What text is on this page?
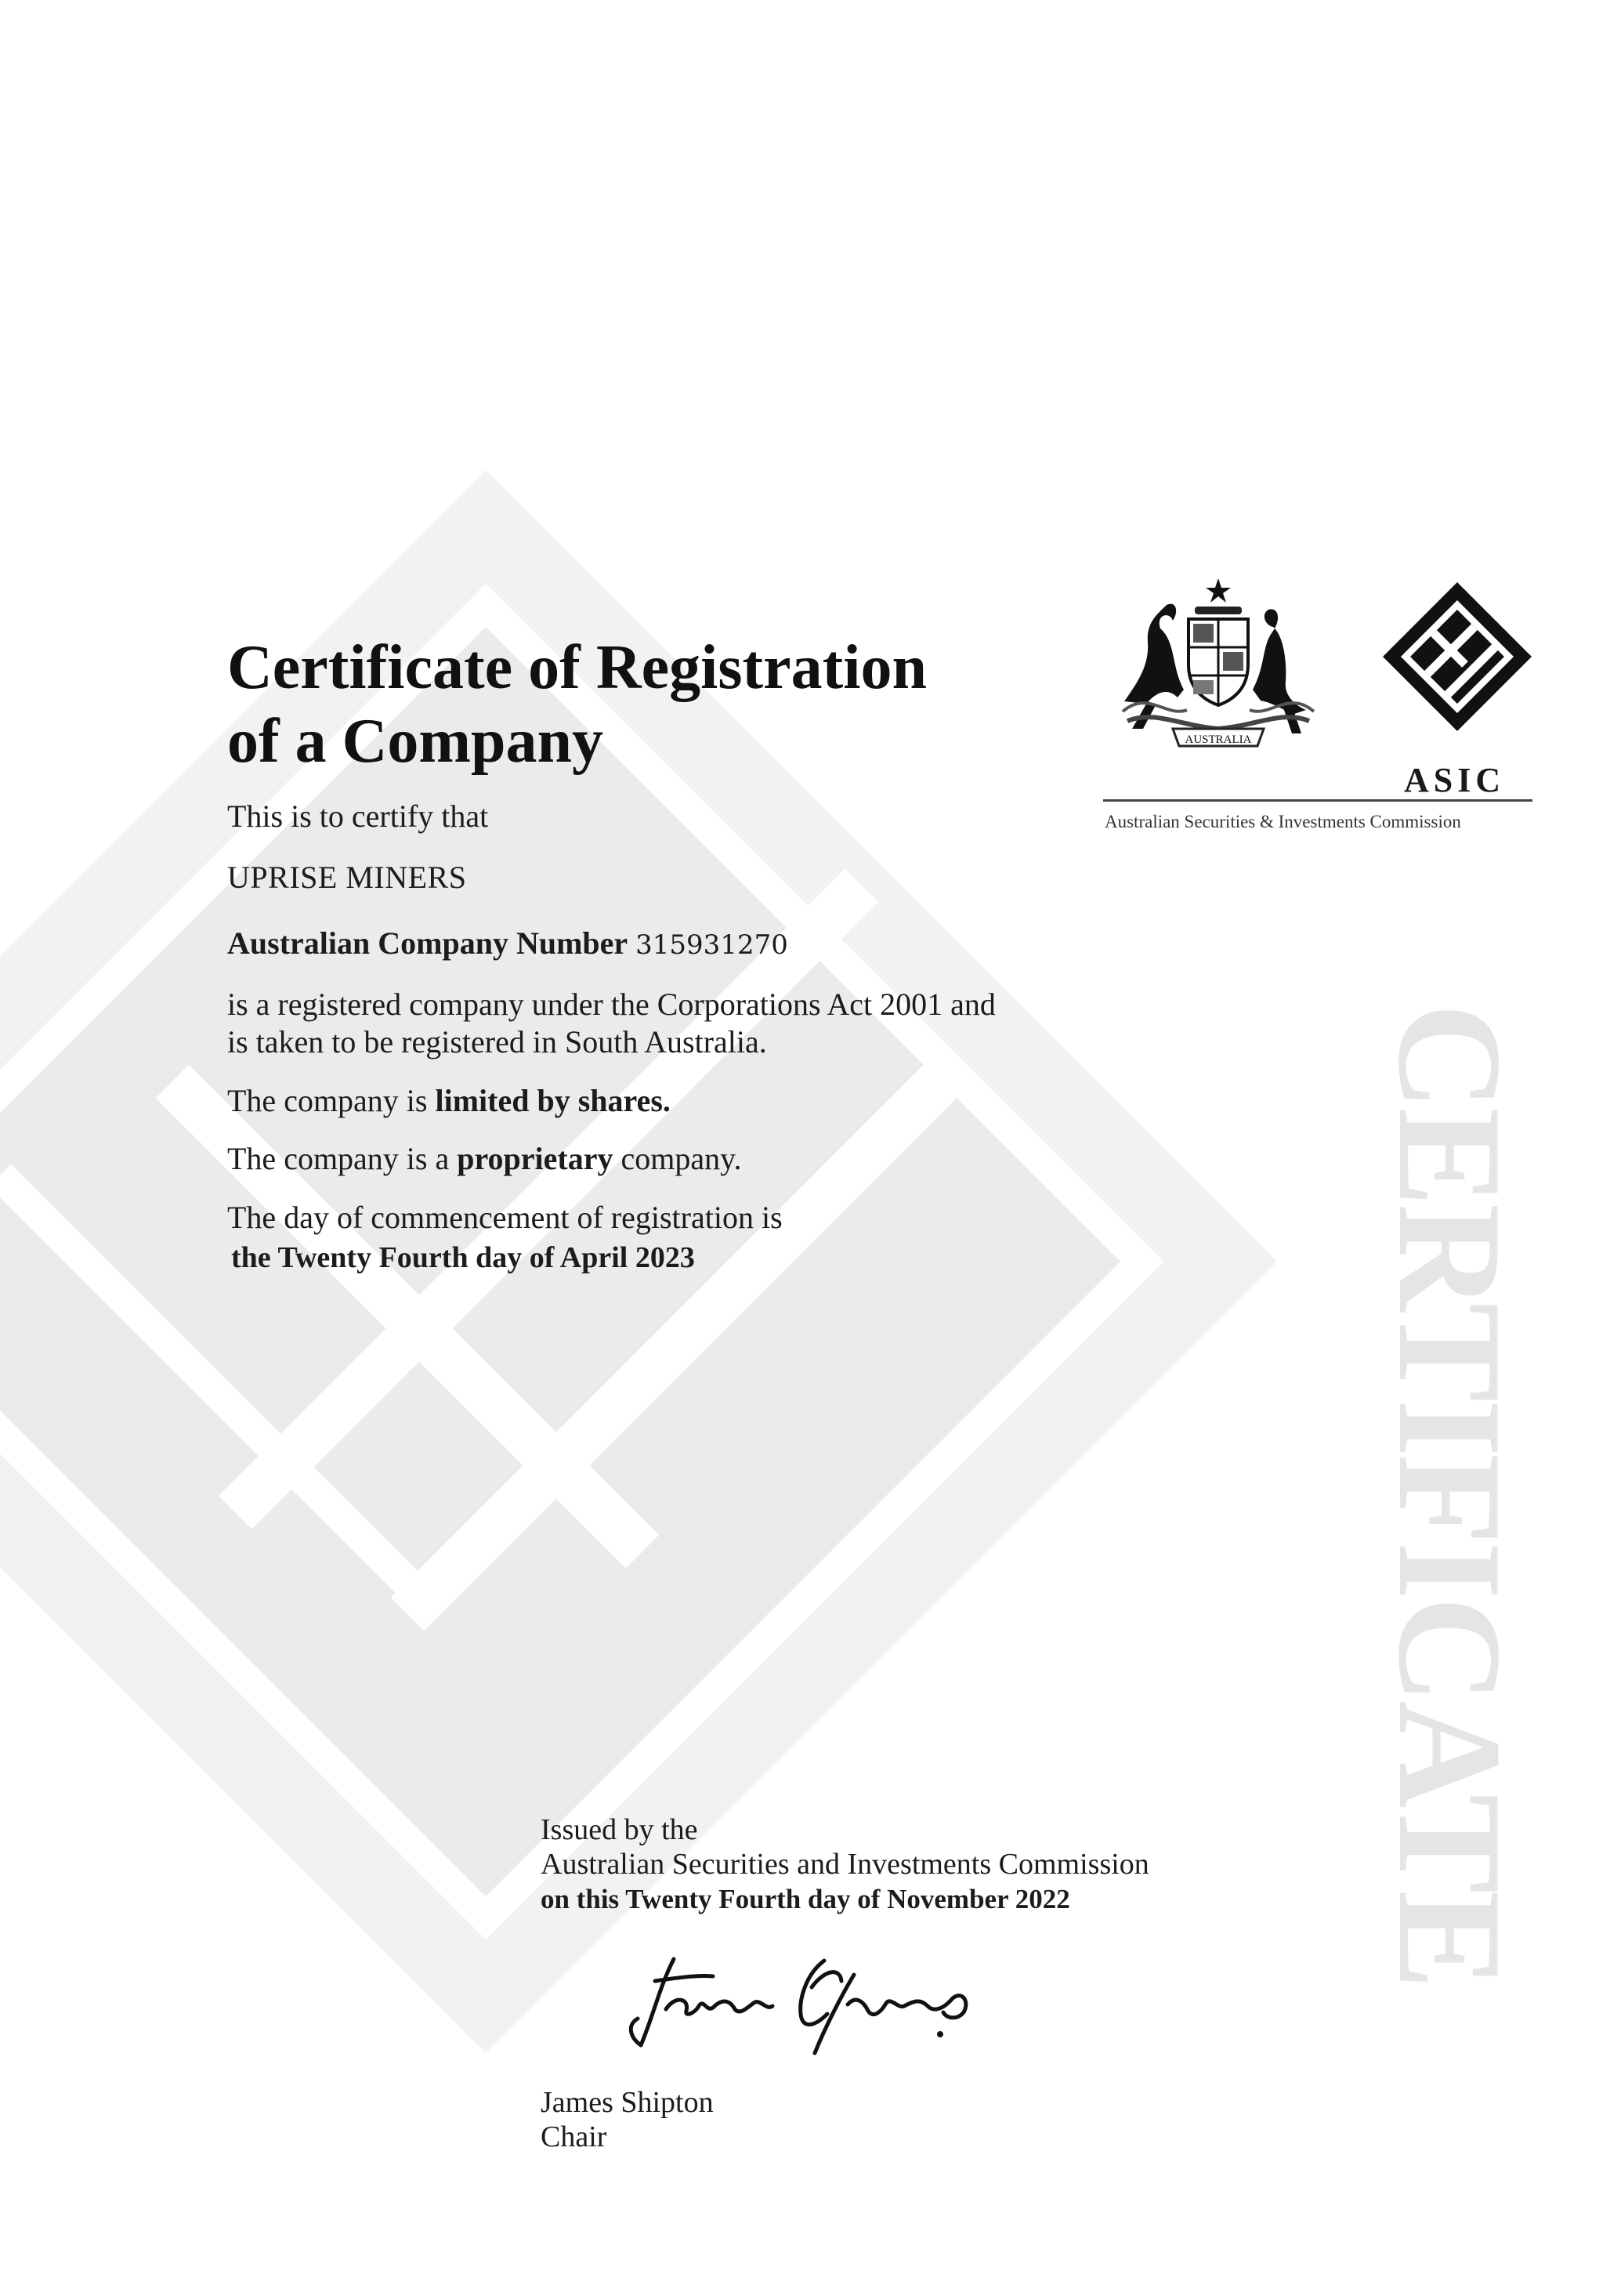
Certificate of Registration
of a Company
This is to certify that
UPRISE MINERS
Australian Company Number 315931270
is a registered company under the Corporations Act 2001 and
is taken to be registered in South Australia.
The company is limited by shares.
The company is a proprietary company.
The day of commencement of registration is
the Twenty Fourth day of April 2023
AUSTRALIA
ASIC
Australian Securities & Investments Commission
CERTIFICATE
Issued by the
Australian Securities and Investments Commission
on this Twenty Fourth day of November 2022
James Shipton
Chair
